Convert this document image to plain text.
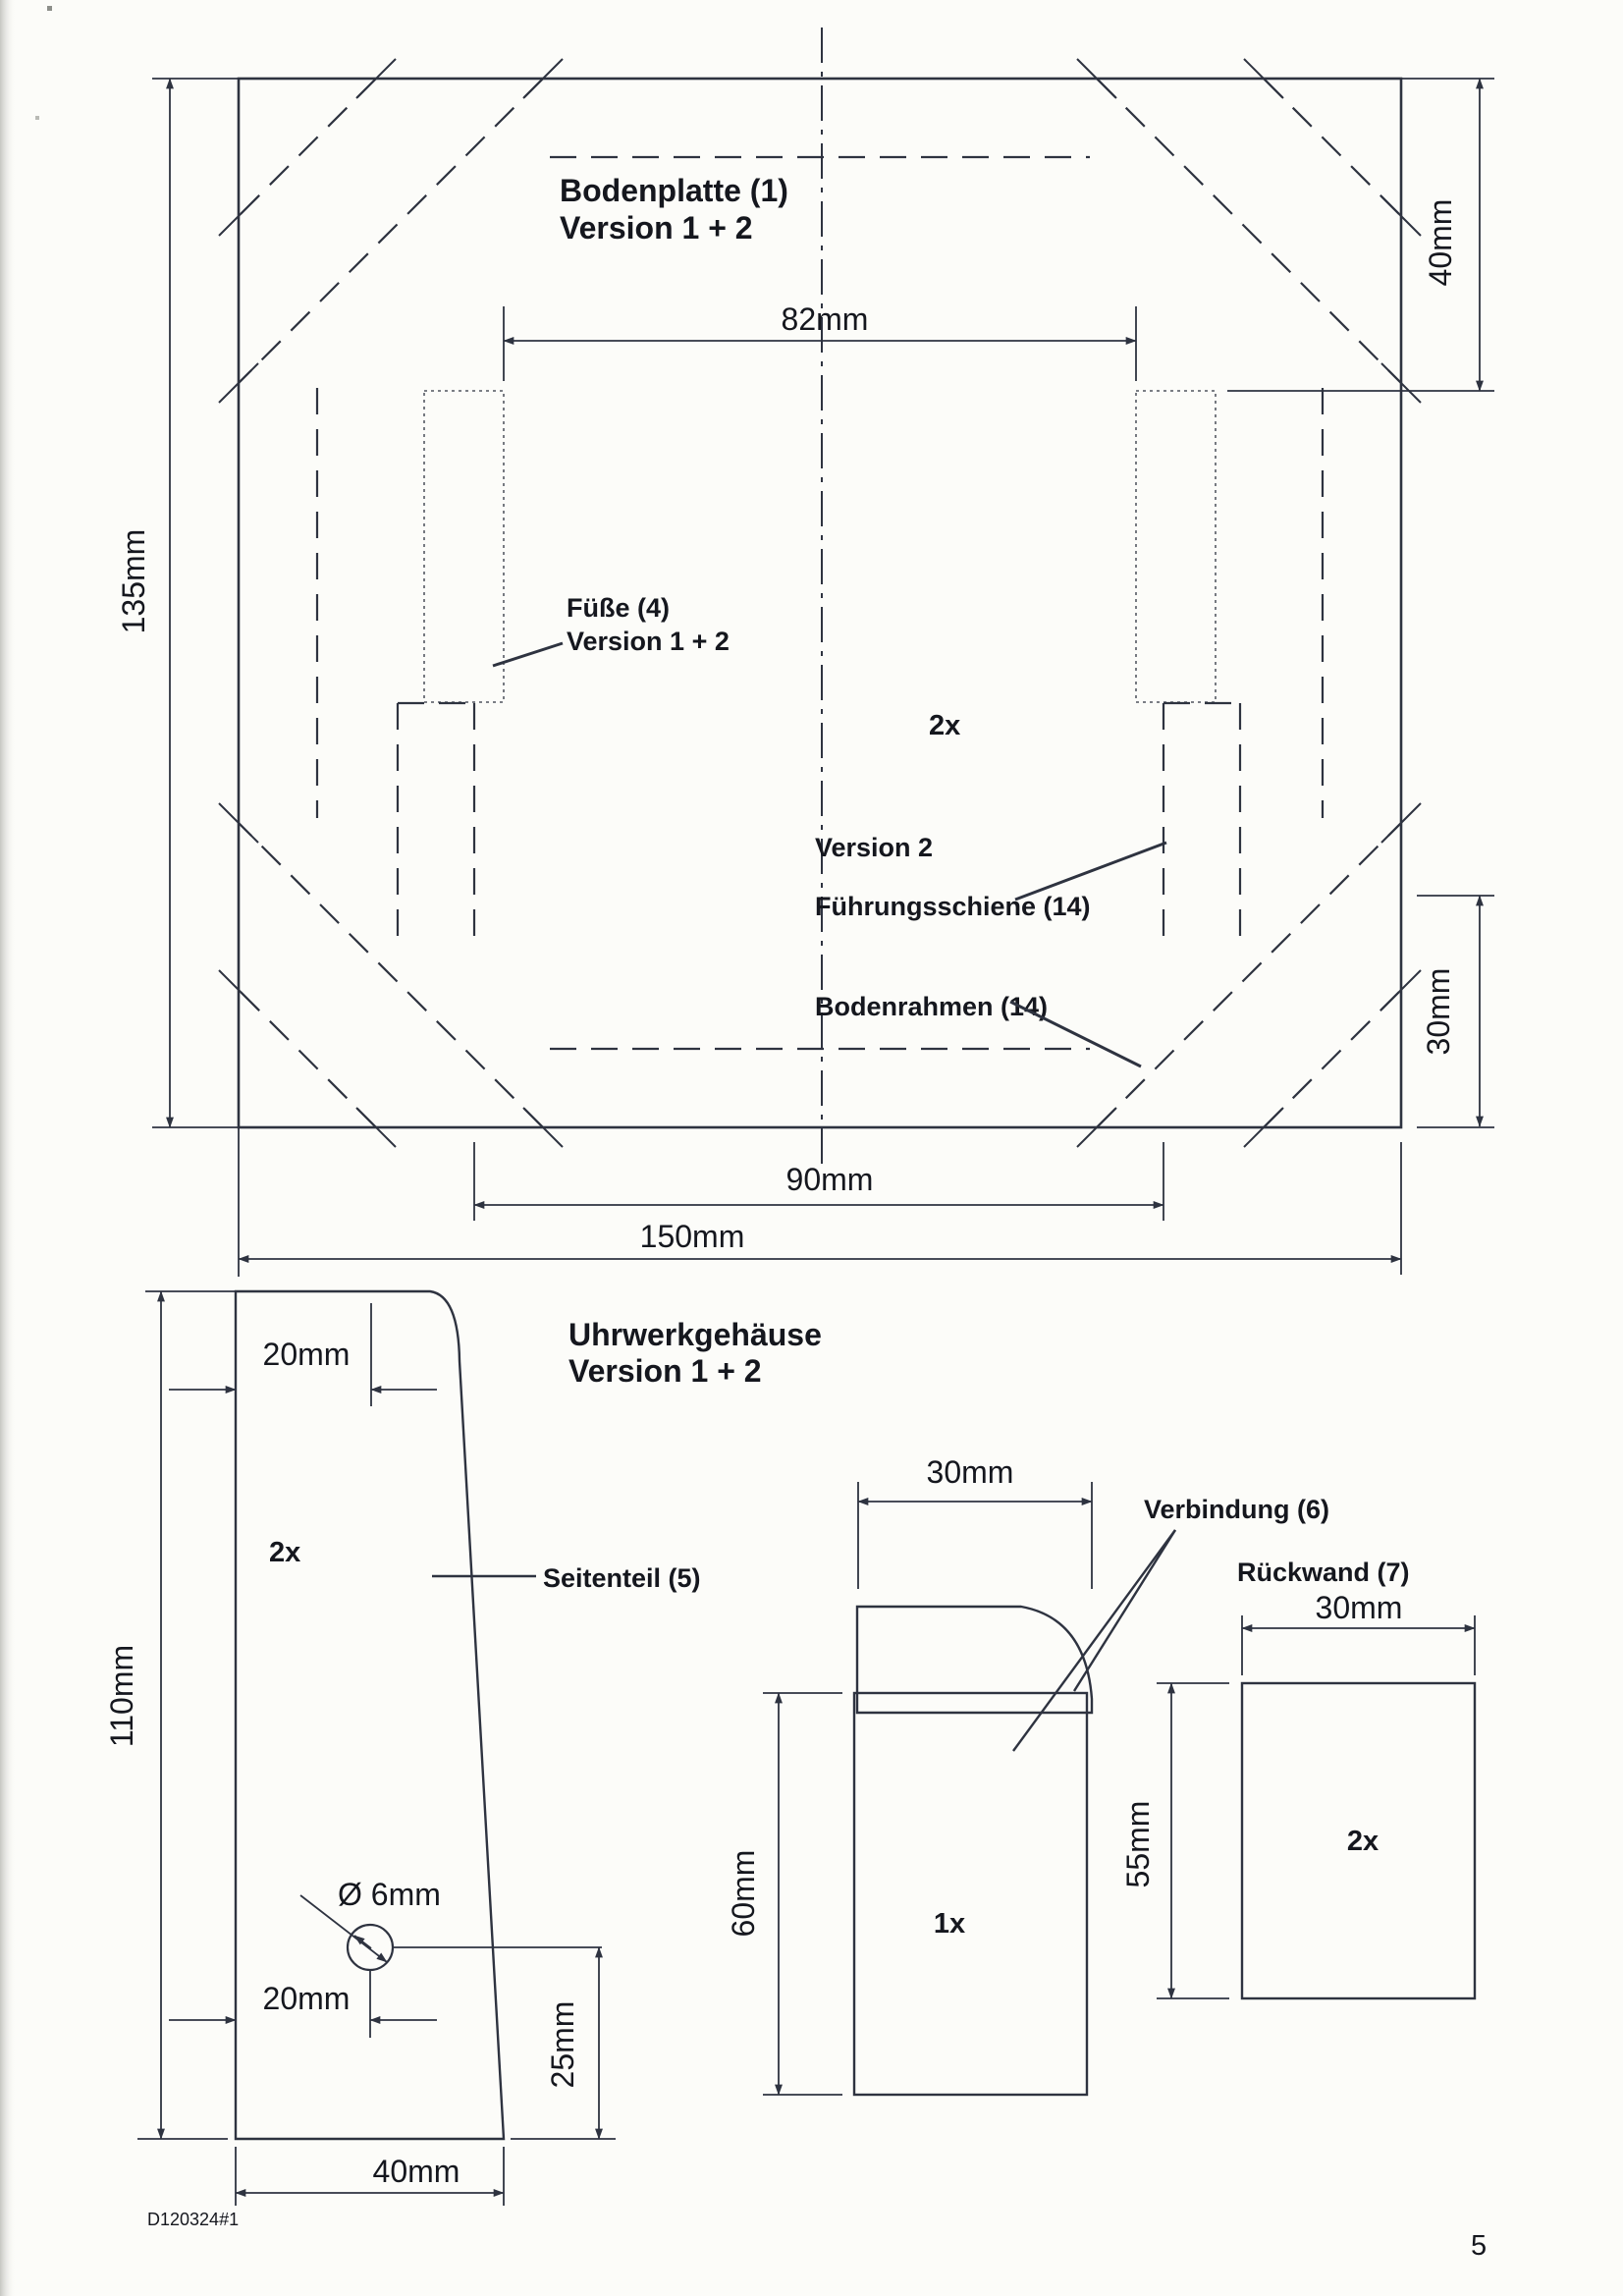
82mm
135mm
40mm
30mm
90mm
150mm
Bodenplatte (1)
Version 1 + 2
Füße (4)
Version 1 + 2
2x
Version 2
Führungsschiene (14)
Bodenrahmen (14)
Uhrwerkgehäuse
Version 1 + 2
110mm
20mm
2x
Seitenteil (5)
Ø 6mm
20mm
25mm
40mm
30mm
60mm
Verbindung (6)
1x
Rückwand (7)
30mm
55mm	2x
D120324#1
5
